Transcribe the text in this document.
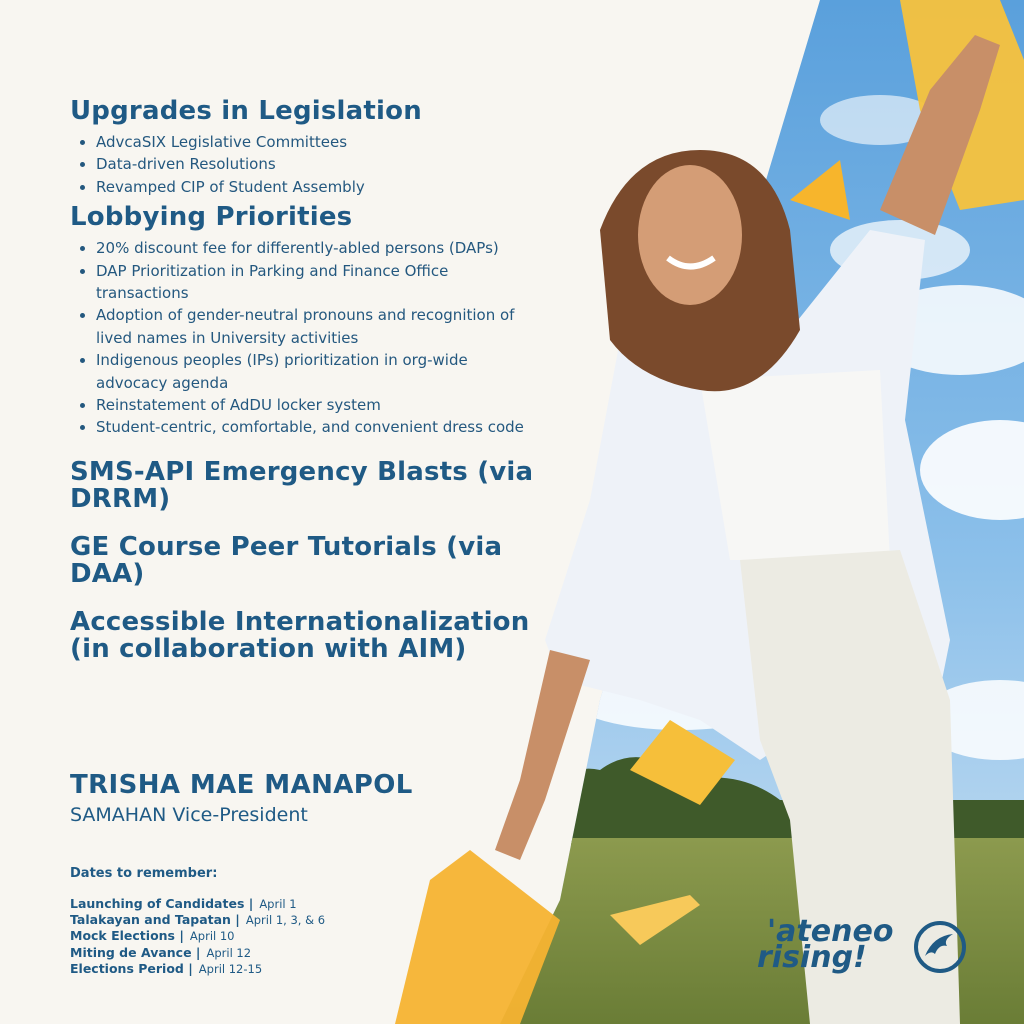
Upgrades in Legislation
• AdvcaSIX Legislative Committees
• Data-driven Resolutions
• Revamped CIP of Student Assembly
Lobbying Priorities
• 20% discount fee for differently-abled persons (DAPs)
• DAP Prioritization in Parking and Finance Office transactions
• Adoption of gender-neutral pronouns and recognition of lived names in University activities
• Indigenous peoples (IPs) prioritization in org-wide advocacy agenda
• Reinstatement of AdDU locker system
• Student-centric, comfortable, and convenient dress code
SMS-API Emergency Blasts (via DRRM)
GE Course Peer Tutorials (via DAA)
Accessible Internationalization (in collaboration with AIM)
TRISHA MAE MANAPOL
SAMAHAN Vice-President
Dates to remember:
Launching of Candidates | April 1
Talakayan and Tapatan | April 1, 3, & 6
Mock Elections | April 10
Miting de Avance | April 12
Elections Period | April 12-15
'ateneo
rising!
